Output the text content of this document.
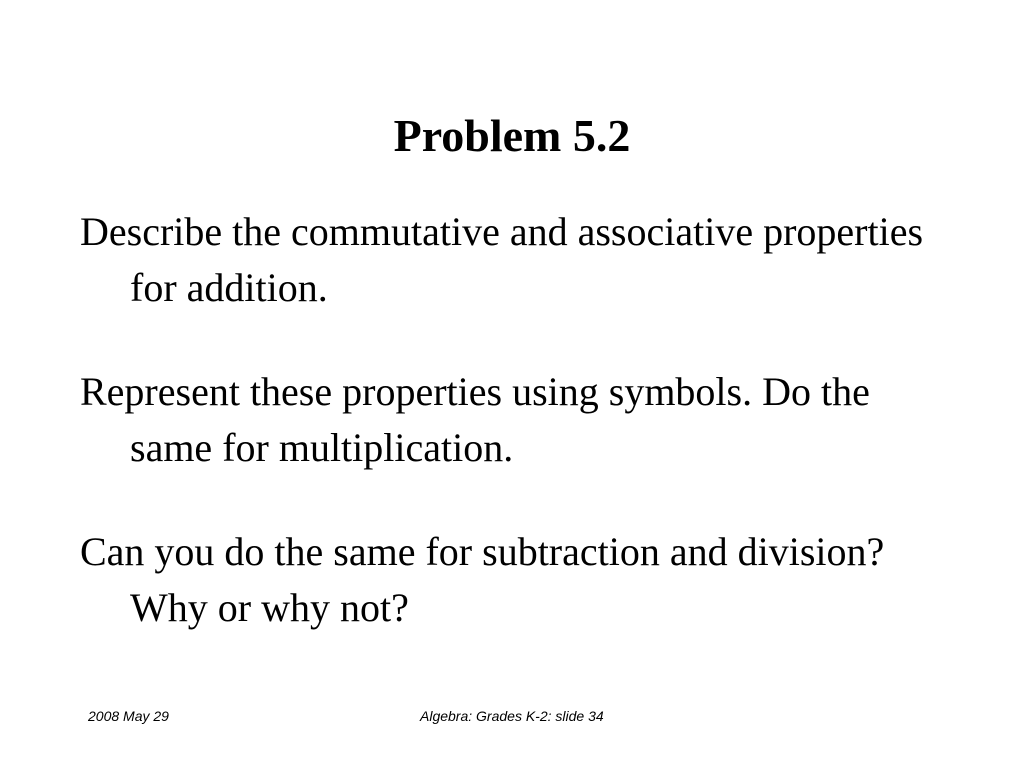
Problem 5.2
Describe the commutative and associative properties for addition.
Represent these properties using symbols. Do the same for multiplication.
Can you do the same for subtraction and division? Why or why not?
2008 May 29	Algebra: Grades K-2: slide 34
